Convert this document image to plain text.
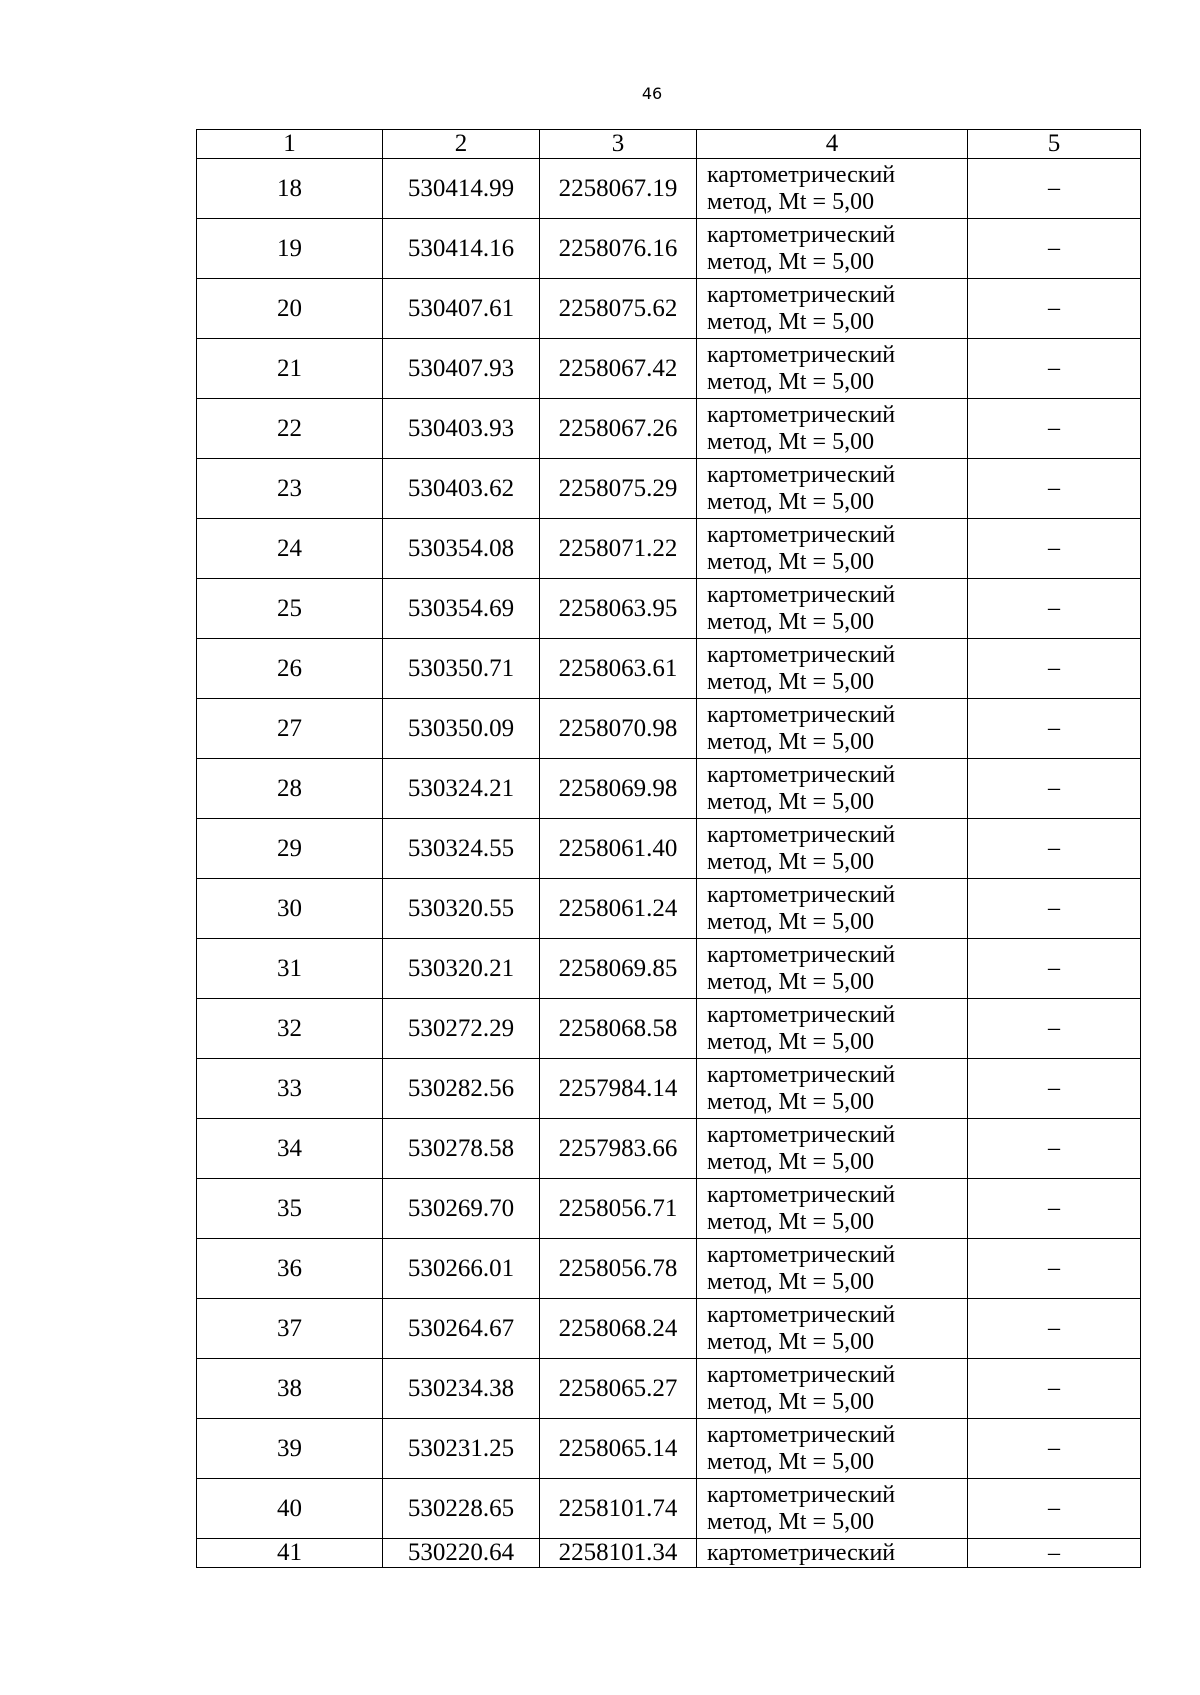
46
1	2	3	4	5
18	530414.99	2258067.19	картометрический
метод, Mt = 5,00	–
19	530414.16	2258076.16	картометрический
метод, Mt = 5,00	–
20	530407.61	2258075.62	картометрический
метод, Mt = 5,00	–
21	530407.93	2258067.42	картометрический
метод, Mt = 5,00	–
22	530403.93	2258067.26	картометрический
метод, Mt = 5,00	–
23	530403.62	2258075.29	картометрический
метод, Mt = 5,00	–
24	530354.08	2258071.22	картометрический
метод, Mt = 5,00	–
25	530354.69	2258063.95	картометрический
метод, Mt = 5,00	–
26	530350.71	2258063.61	картометрический
метод, Mt = 5,00	–
27	530350.09	2258070.98	картометрический
метод, Mt = 5,00	–
28	530324.21	2258069.98	картометрический
метод, Mt = 5,00	–
29	530324.55	2258061.40	картометрический
метод, Mt = 5,00	–
30	530320.55	2258061.24	картометрический
метод, Mt = 5,00	–
31	530320.21	2258069.85	картометрический
метод, Mt = 5,00	–
32	530272.29	2258068.58	картометрический
метод, Mt = 5,00	–
33	530282.56	2257984.14	картометрический
метод, Mt = 5,00	–
34	530278.58	2257983.66	картометрический
метод, Mt = 5,00	–
35	530269.70	2258056.71	картометрический
метод, Mt = 5,00	–
36	530266.01	2258056.78	картометрический
метод, Mt = 5,00	–
37	530264.67	2258068.24	картометрический
метод, Mt = 5,00	–
38	530234.38	2258065.27	картометрический
метод, Mt = 5,00	–
39	530231.25	2258065.14	картометрический
метод, Mt = 5,00	–
40	530228.65	2258101.74	картометрический
метод, Mt = 5,00	–
41	530220.64	2258101.34	картометрический	–
